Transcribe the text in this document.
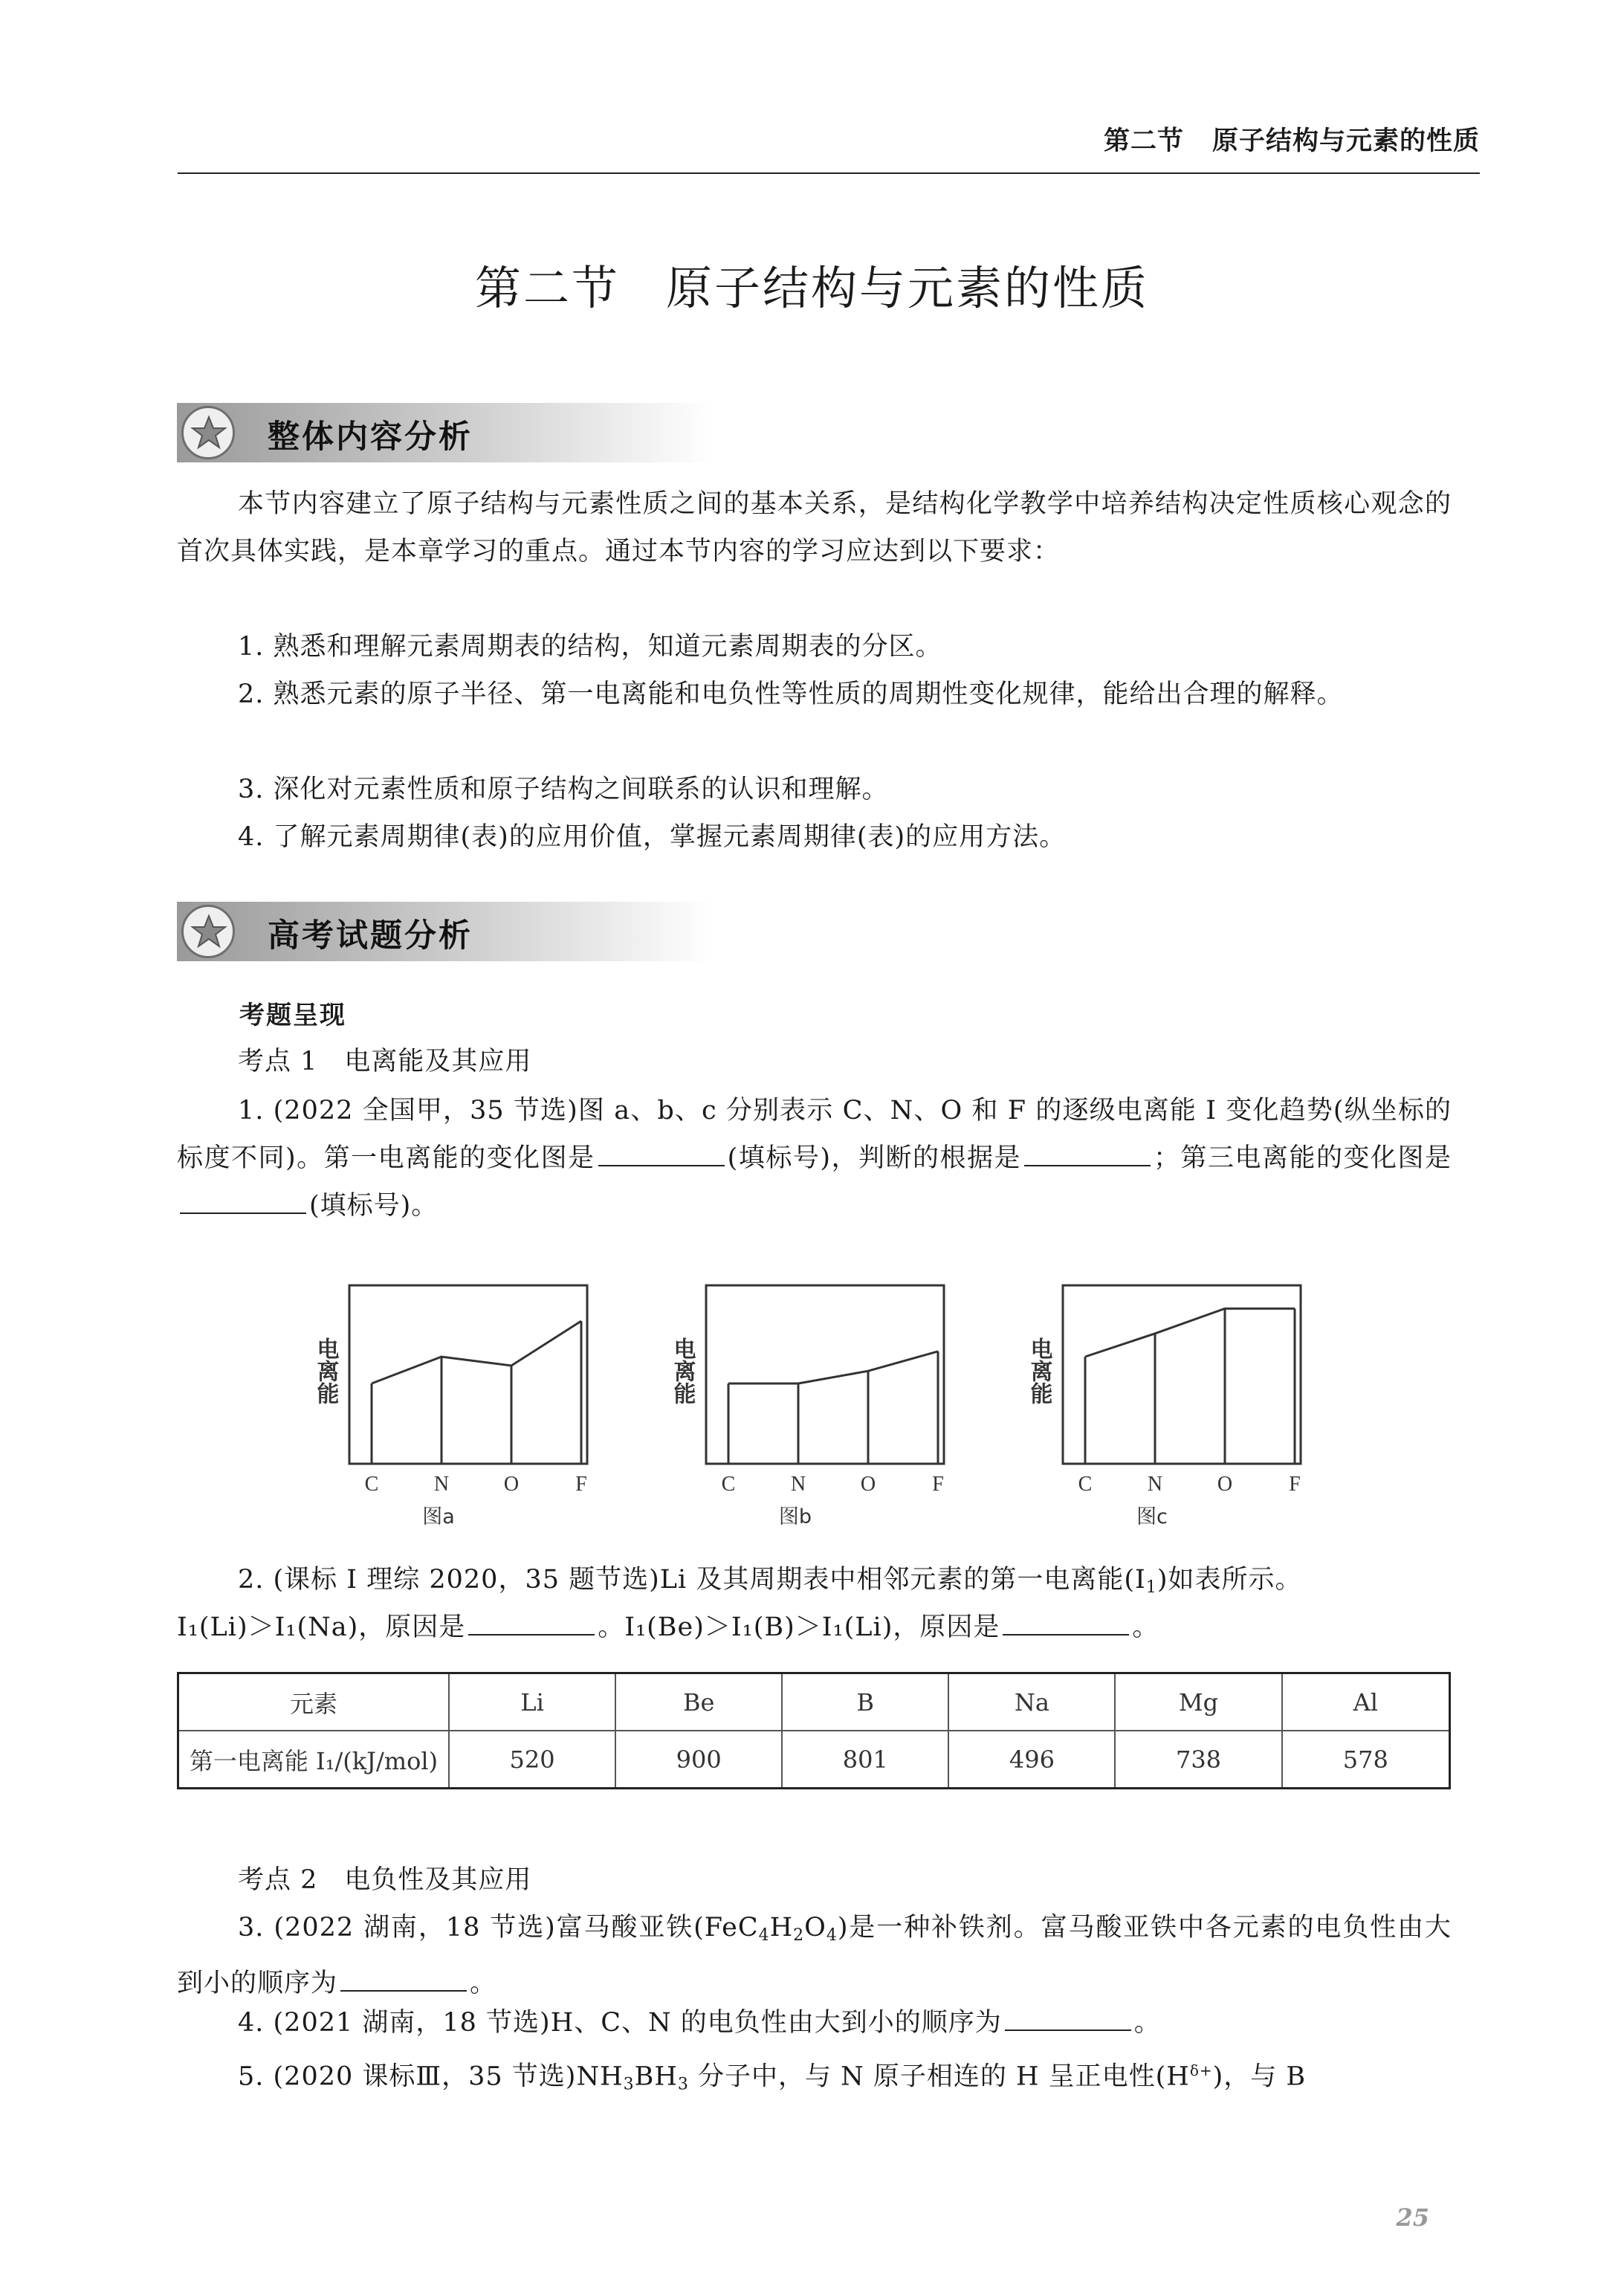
第二节 原子结构与元素的性质
第二节 原子结构与元素的性质
整体内容分析

本节内容建立了原子结构与元素性质之间的基本关系，是结构化学教学中培养结构决定性质核心观念的首次具体实践，是本章学习的重点。通过本节内容的学习应达到以下要求：

1. 熟悉和理解元素周期表的结构，知道元素周期表的分区。

2. 熟悉元素的原子半径、第一电离能和电负性等性质的周期性变化规律，能给出合理的解释。

3. 深化对元素性质和原子结构之间联系的认识和理解。
4. 了解元素周期律(表)的应用价值，掌握元素周期律(表)的应用方法。
高考试题分析
考题呈现
考点 1　电离能及其应用

1. (2022 全国甲，35 节选)图 a、b、c 分别表示 C、N、O 和 F 的逐级电离能 I 变化趋势(纵坐标的标度不同)。第一电离能的变化图是	(填标号)，判断的根据是	；第三电离能的变化图是(填标号)。

C	N	O	F
电离能
图a
C	N	O	F
电离能
图b
C	N	O	F
电离能
图c
2. (课标 I 理综 2020，35 题节选)Li 及其周期表中相邻元素的第一电离能$(I_1)$如表所示。
I₁(Li)＞I₁(Na)，原因是	。I₁(Be)＞I₁(B)＞I₁(Li)，原因是	。
元素	Li	Be	B	Na	Mg	Al
第一电离能 I₁/(kJ/mol)	520	900	801	496	738	578
考点 2　电负性及其应用

3. (2022 湖南，18 节选)富马酸亚铁$(FeC_4H_2O_4)$是一种补铁剂。富马酸亚铁中各元素的电负性由大到小的顺序为	。

4. (2021 湖南，18 节选)H、C、N 的电负性由大到小的顺序为	。
5. (2020 课标Ⅲ，35 节选)$NH_3BH_3$ 分子中，与 N 原子相连的 H 呈正电性$(H^{\delta+})$，与 B
25
